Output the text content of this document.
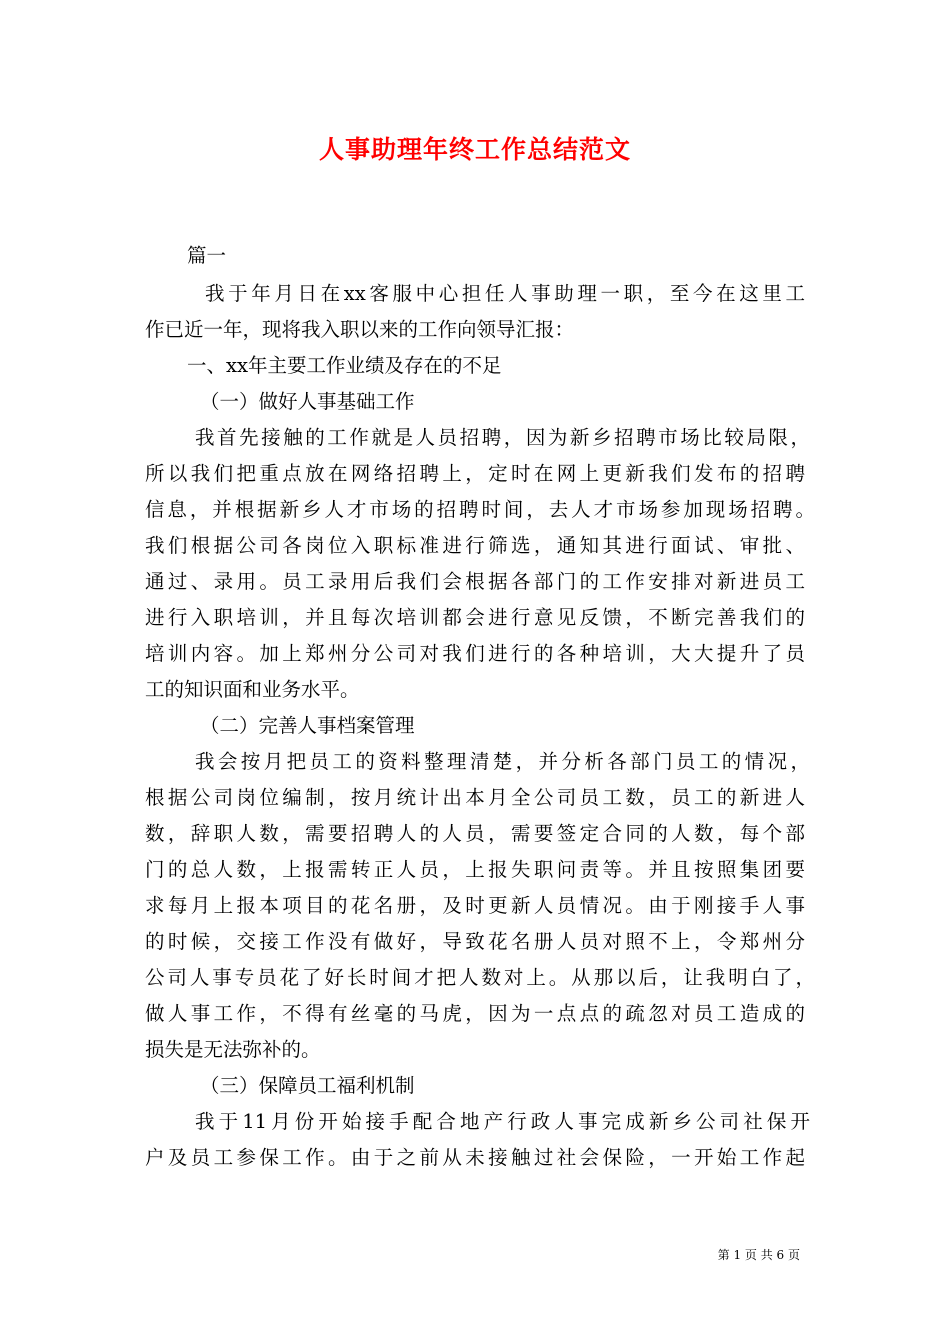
人事助理年终工作总结范文
篇一
我于年月日在xx客服中心担任人事助理一职，至今在这里工
作已近一年，现将我入职以来的工作向领导汇报：
一、xx年主要工作业绩及存在的不足
（一）做好人事基础工作
我首先接触的工作就是人员招聘，因为新乡招聘市场比较局限，
所以我们把重点放在网络招聘上，定时在网上更新我们发布的招聘
信息，并根据新乡人才市场的招聘时间，去人才市场参加现场招聘。
我们根据公司各岗位入职标准进行筛选，通知其进行面试、审批、
通过、录用。员工录用后我们会根据各部门的工作安排对新进员工
进行入职培训，并且每次培训都会进行意见反馈，不断完善我们的
培训内容。加上郑州分公司对我们进行的各种培训，大大提升了员
工的知识面和业务水平。
（二）完善人事档案管理
我会按月把员工的资料整理清楚，并分析各部门员工的情况，
根据公司岗位编制，按月统计出本月全公司员工数，员工的新进人
数，辞职人数，需要招聘人的人员，需要签定合同的人数，每个部
门的总人数，上报需转正人员，上报失职问责等。并且按照集团要
求每月上报本项目的花名册，及时更新人员情况。由于刚接手人事
的时候，交接工作没有做好，导致花名册人员对照不上，令郑州分
公司人事专员花了好长时间才把人数对上。从那以后，让我明白了，
做人事工作，不得有丝毫的马虎，因为一点点的疏忽对员工造成的
损失是无法弥补的。
（三）保障员工福利机制
我于11月份开始接手配合地产行政人事完成新乡公司社保开
户及员工参保工作。由于之前从未接触过社会保险，一开始工作起
第 1 页 共 6 页
